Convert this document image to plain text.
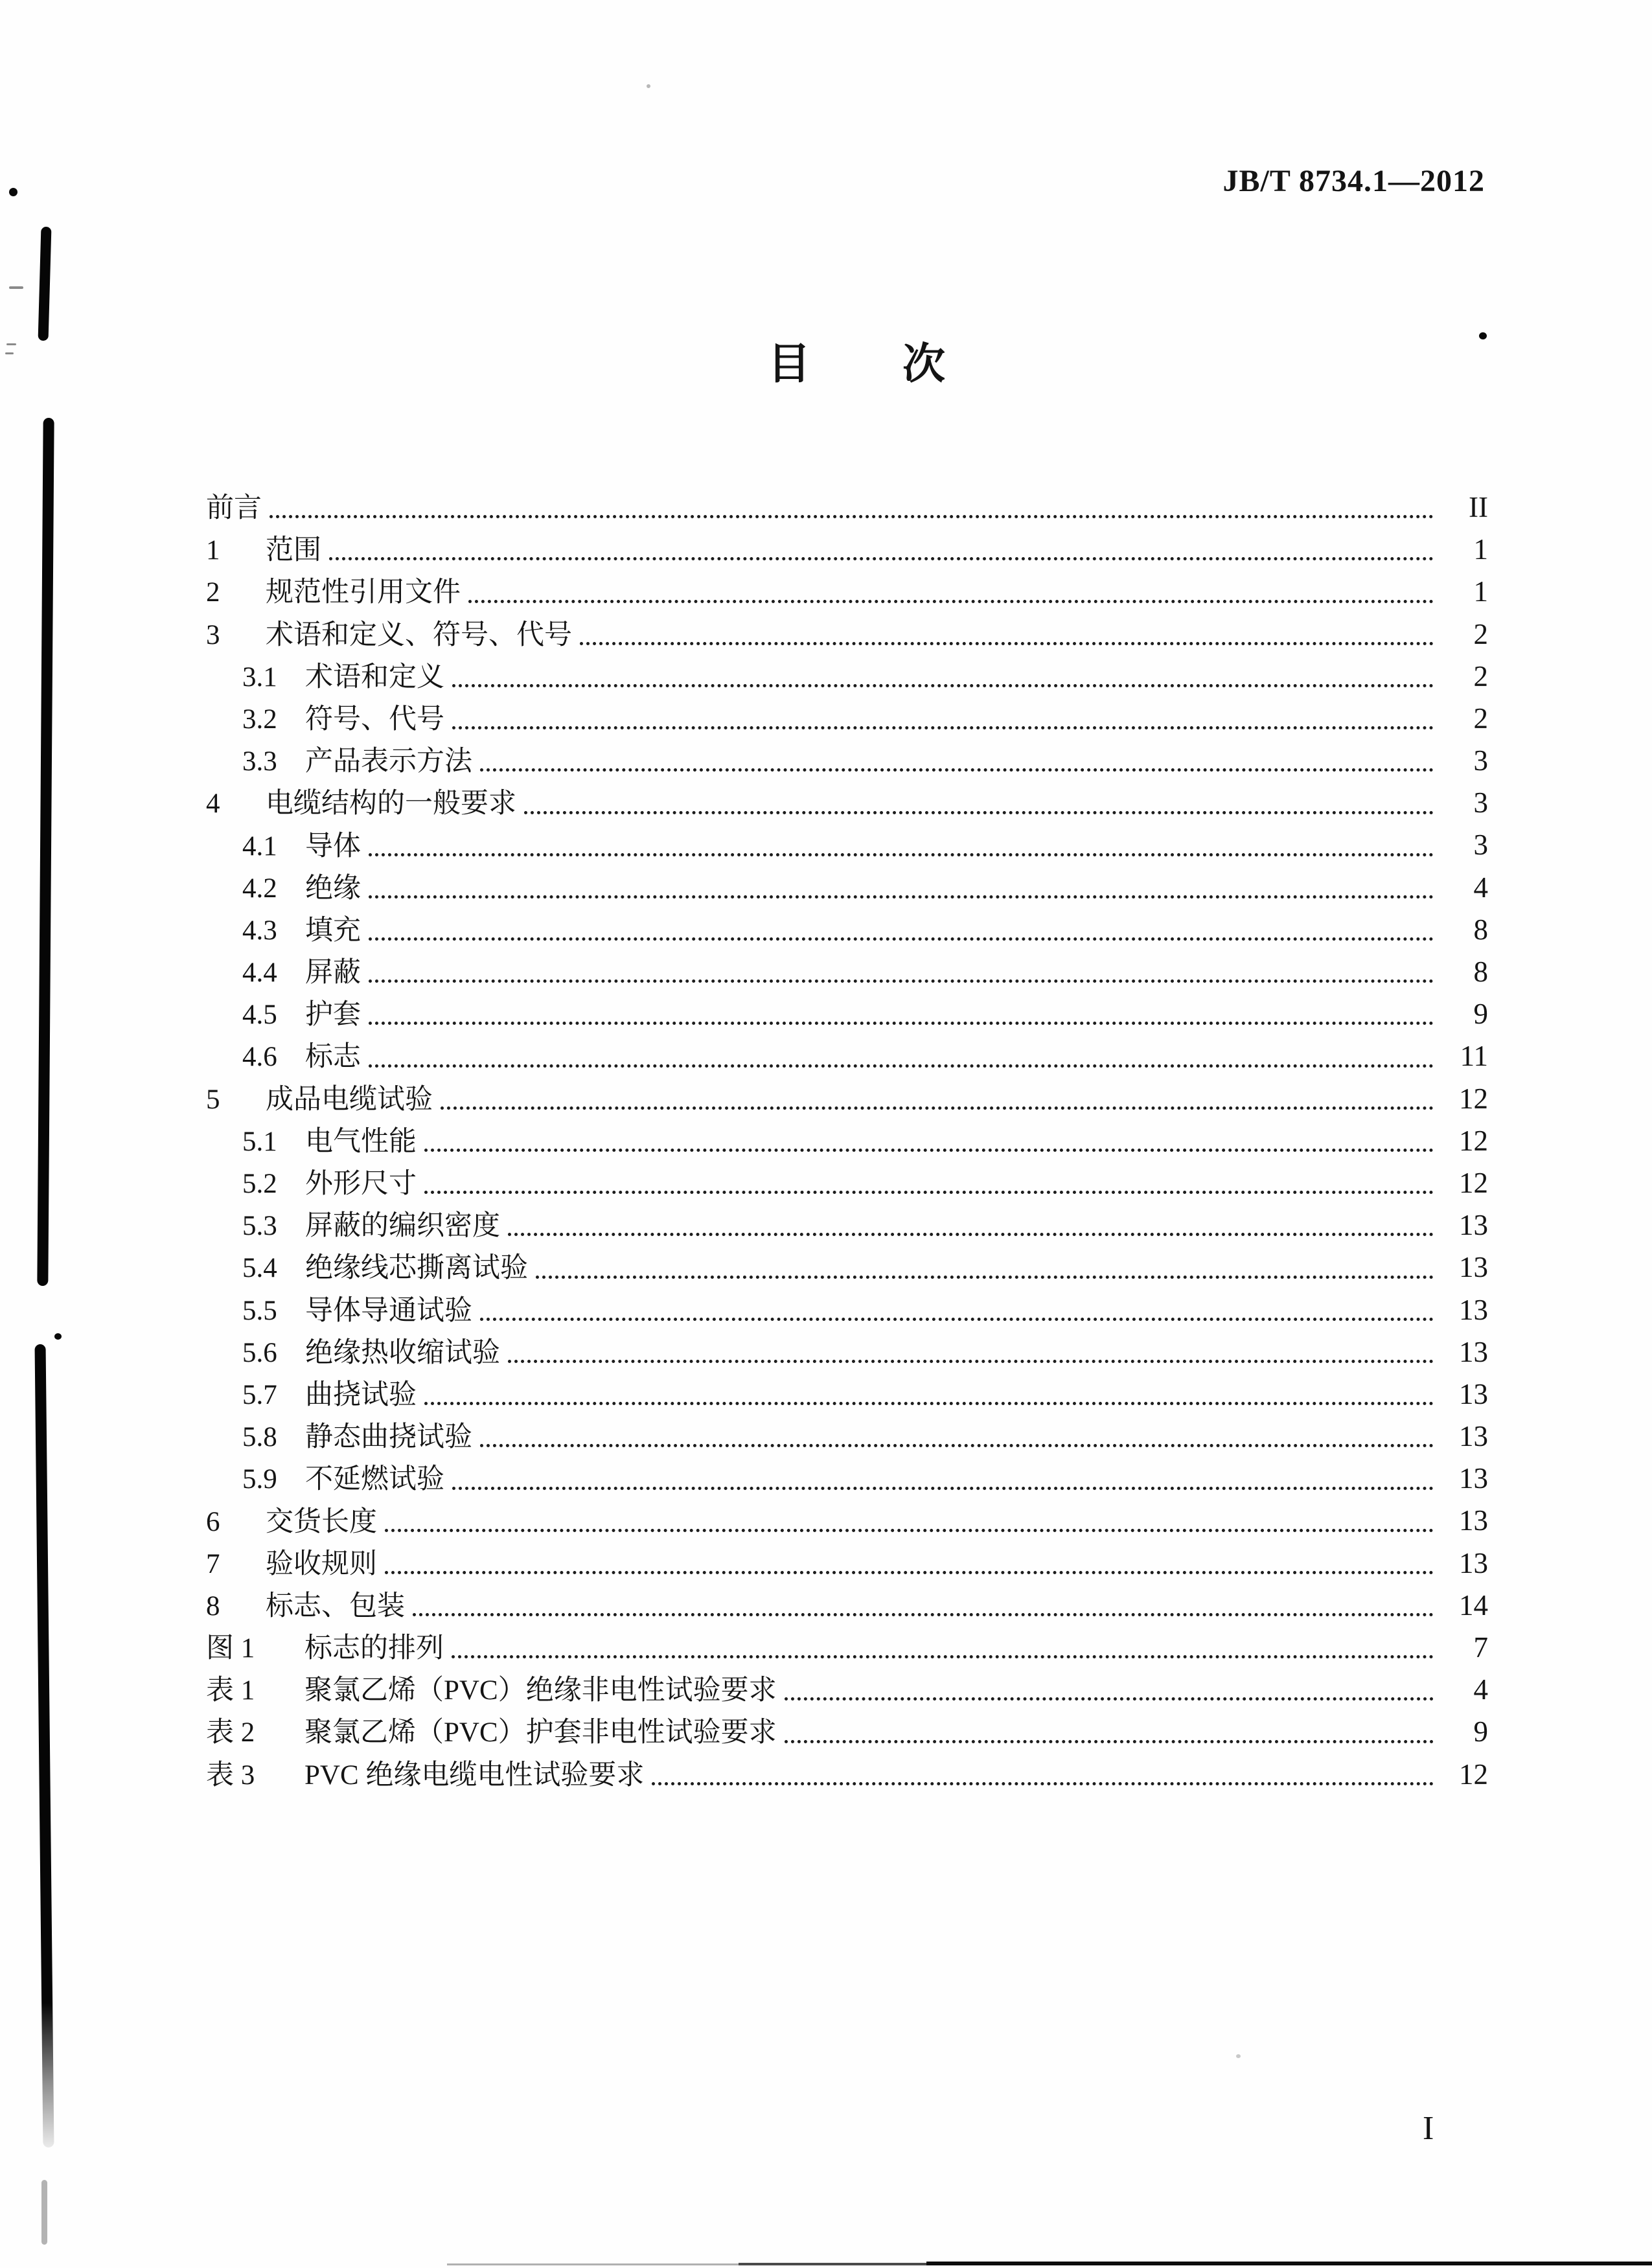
JB/T 8734.1—2012
目 次
前言	II
1	范围	1
2	规范性引用文件	1
3	术语和定义、符号、代号	2
3.1	术语和定义	2
3.2	符号、代号	2
3.3	产品表示方法	3
4	电缆结构的一般要求	3
4.1	导体	3
4.2	绝缘	4
4.3	填充	8
4.4	屏蔽	8
4.5	护套	9
4.6	标志	11
5	成品电缆试验	12
5.1	电气性能	12
5.2	外形尺寸	12
5.3	屏蔽的编织密度	13
5.4	绝缘线芯撕离试验	13
5.5	导体导通试验	13
5.6	绝缘热收缩试验	13
5.7	曲挠试验	13
5.8	静态曲挠试验	13
5.9	不延燃试验	13
6	交货长度	13
7	验收规则	13
8	标志、包装	14
图 1	标志的排列	7
表 1	聚氯乙烯（PVC）绝缘非电性试验要求	4
表 2	聚氯乙烯（PVC）护套非电性试验要求	9
表 3	PVC 绝缘电缆电性试验要求	12
I
